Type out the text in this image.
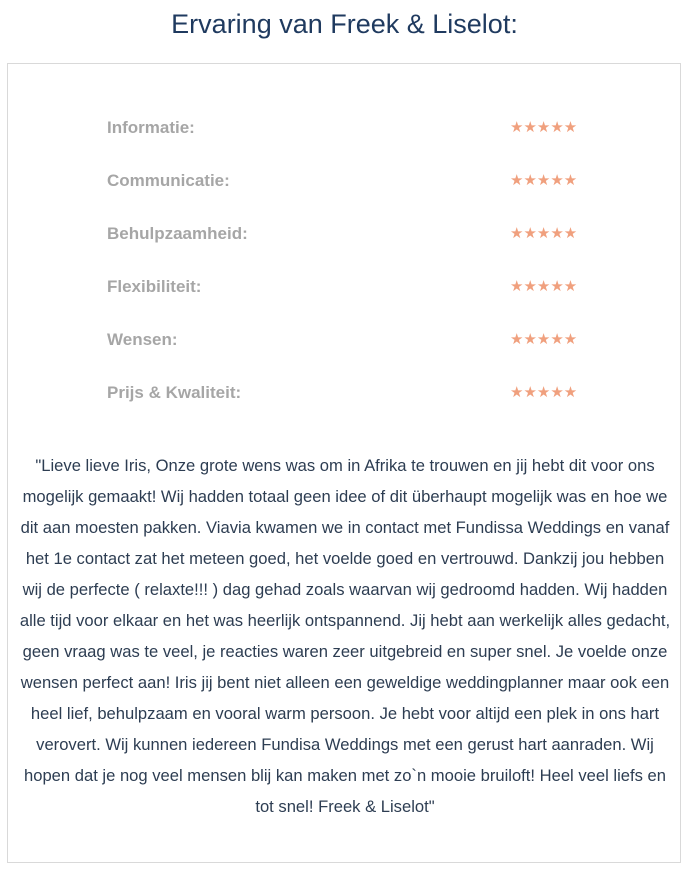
Ervaring van Freek & Liselot:
Informatie:	★★★★★
Communicatie:	★★★★★
Behulpzaamheid:	★★★★★
Flexibiliteit:	★★★★★
Wensen:	★★★★★
Prijs & Kwaliteit:	★★★★★

"Lieve lieve Iris, Onze grote wens was om in Afrika te trouwen en jij hebt dit voor ons mogelijk gemaakt! Wij hadden totaal geen idee of dit überhaupt mogelijk was en hoe we dit aan moesten pakken. Viavia kwamen we in contact met Fundissa Weddings en vanaf het 1e contact zat het meteen goed, het voelde goed en vertrouwd. Dankzij jou hebben wij de perfecte ( relaxte!!! ) dag gehad zoals waarvan wij gedroomd hadden. Wij hadden alle tijd voor elkaar en het was heerlijk ontspannend. Jij hebt aan werkelijk alles gedacht, geen vraag was te veel, je reacties waren zeer uitgebreid en super snel. Je voelde onze wensen perfect aan! Iris jij bent niet alleen een geweldige weddingplanner maar ook een heel lief, behulpzaam en vooral warm persoon. Je hebt voor altijd een plek in ons hart verovert. Wij kunnen iedereen Fundisa Weddings met een gerust hart aanraden. Wij hopen dat je nog veel mensen blij kan maken met zo`n mooie bruiloft! Heel veel liefs en tot snel! Freek & Liselot"
